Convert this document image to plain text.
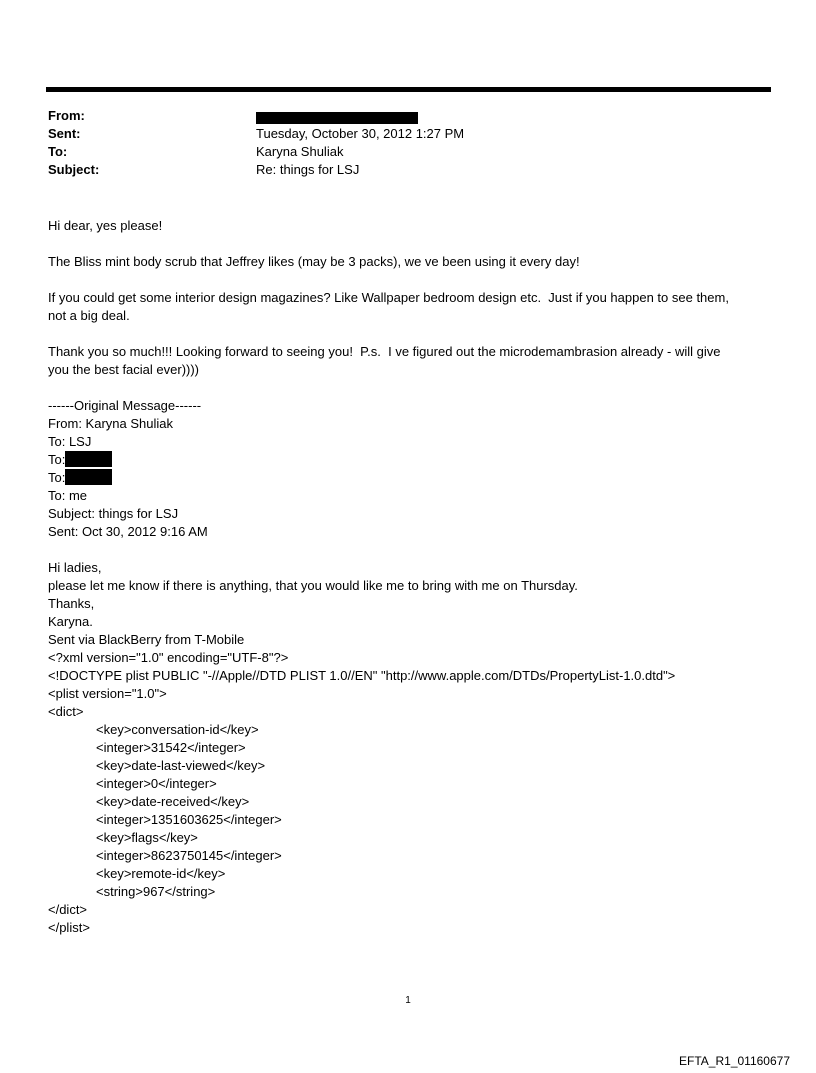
From:
Sent:	Tuesday, October 30, 2012 1:27 PM
To:	Karyna Shuliak
Subject:	Re: things for LSJ
Hi dear, yes please!
The Bliss mint body scrub that Jeffrey likes (may be 3 packs), we ve been using it every day!
If you could get some interior design magazines? Like Wallpaper bedroom design etc.  Just if you happen to see them,
not a big deal.
Thank you so much!!! Looking forward to seeing you!  P.s.  I ve figured out the microdemambrasion already - will give
you the best facial ever))))
------Original Message------
From: Karyna Shuliak
To: LSJ
To:
To:
To: me
Subject: things for LSJ
Sent: Oct 30, 2012 9:16 AM
Hi ladies,
please let me know if there is anything, that you would like me to bring with me on Thursday.
Thanks,
Karyna.
Sent via BlackBerry from T-Mobile
<?xml version="1.0" encoding="UTF-8"?>
<!DOCTYPE plist PUBLIC "-//Apple//DTD PLIST 1.0//EN" "http://www.apple.com/DTDs/PropertyList-1.0.dtd">
<plist version="1.0">
<dict>
<key>conversation-id</key>
<integer>31542</integer>
<key>date-last-viewed</key>
<integer>0</integer>
<key>date-received</key>
<integer>1351603625</integer>
<key>flags</key>
<integer>8623750145</integer>
<key>remote-id</key>
<string>967</string>
</dict>
</plist>
1
EFTA_R1_01160677
